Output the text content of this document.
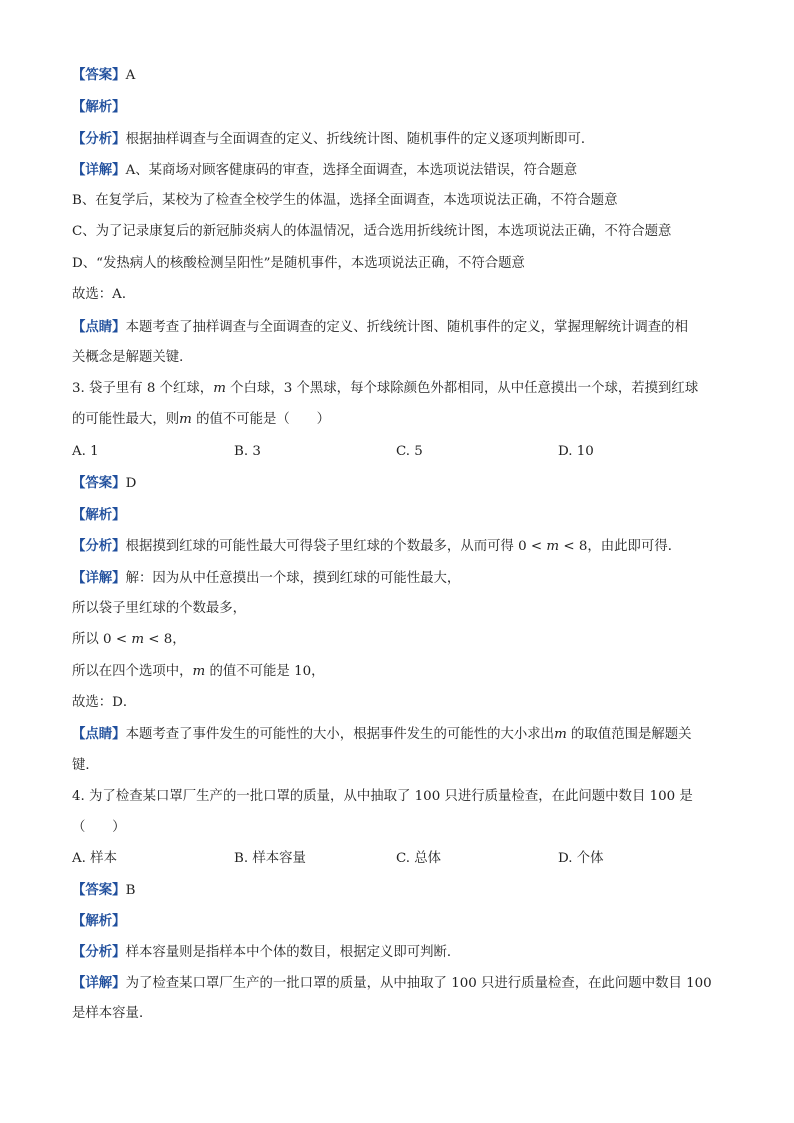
【答案】A
【解析】
【分析】根据抽样调查与全面调查的定义、折线统计图、随机事件的定义逐项判断即可．
【详解】A、某商场对顾客健康码的审查，选择全面调查，本选项说法错误，符合题意
B、在复学后，某校为了检查全校学生的体温，选择全面调查，本选项说法正确，不符合题意
C、为了记录康复后的新冠肺炎病人的体温情况，适合选用折线统计图，本选项说法正确，不符合题意
D、“发热病人的核酸检测呈阳性”是随机事件，本选项说法正确，不符合题意
故选：A．
【点睛】本题考查了抽样调查与全面调查的定义、折线统计图、随机事件的定义，掌握理解统计调查的相
关概念是解题关键．
3. 袋子里有 8 个红球，m 个白球，3 个黑球，每个球除颜色外都相同，从中任意摸出一个球，若摸到红球
的可能性最大，则m 的值不可能是（　　）
A. 1	B. 3	C. 5	D. 10
【答案】D
【解析】
【分析】根据摸到红球的可能性最大可得袋子里红球的个数最多，从而可得 0 < m < 8，由此即可得．
【详解】解：因为从中任意摸出一个球，摸到红球的可能性最大，
所以袋子里红球的个数最多，
所以 0 < m < 8，
所以在四个选项中，m 的值不可能是 10，
故选：D．
【点睛】本题考查了事件发生的可能性的大小，根据事件发生的可能性的大小求出m 的取值范围是解题关
键．
4. 为了检查某口罩厂生产的一批口罩的质量，从中抽取了 100 只进行质量检查，在此问题中数目 100 是
（　　）
A. 样本	B. 样本容量	C. 总体	D. 个体
【答案】B
【解析】
【分析】样本容量则是指样本中个体的数目，根据定义即可判断．
【详解】为了检查某口罩厂生产的一批口罩的质量，从中抽取了 100 只进行质量检查，在此问题中数目 100
是样本容量．
